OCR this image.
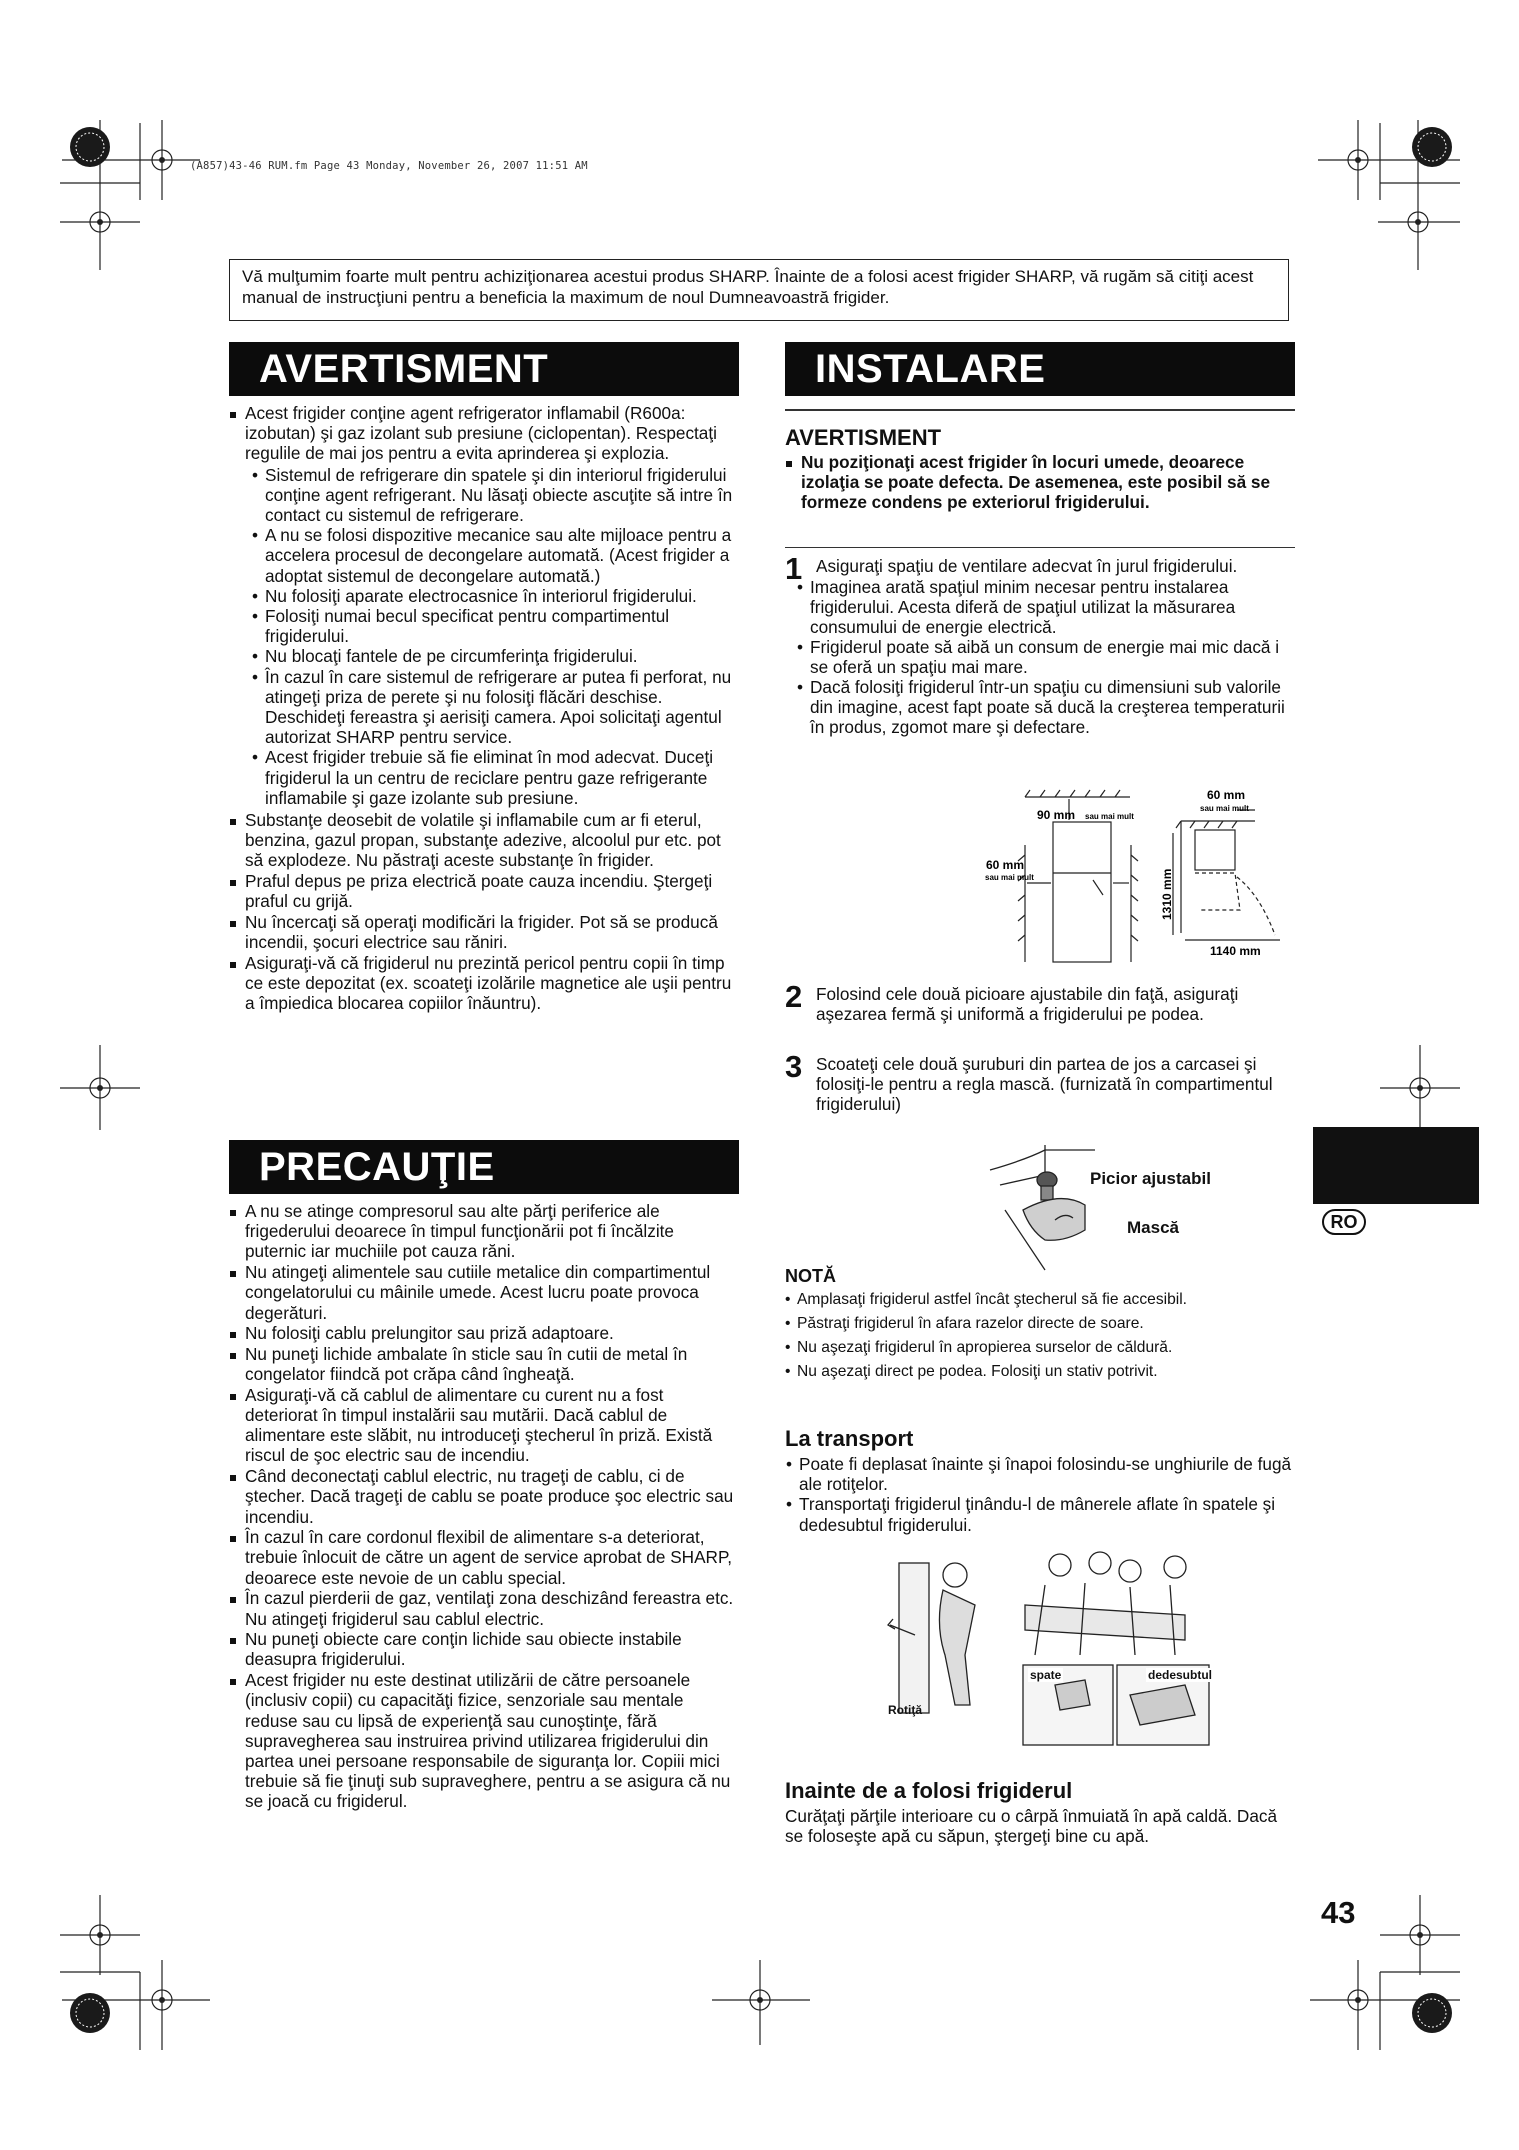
(A857)43-46 RUM.fm Page 43 Monday, November 26, 2007 11:51 AM
Vă mulţumim foarte mult pentru achiziţionarea acestui produs SHARP. Înainte de a folosi acest frigider SHARP, vă rugăm să citiţi acest manual de instrucţiuni pentru a beneficia la maximum de noul Dumneavoastră frigider.
AVERTISMENT
Acest frigider conţine agent refrigerator inflamabil (R600a: izobutan) şi gaz izolant sub presiune (ciclopentan). Respectaţi regulile de mai jos pentru a evita aprinderea şi explozia.
• Sistemul de refrigerare din spatele şi din interiorul frigiderului conţine agent refrigerant. Nu lăsaţi obiecte ascuţite să intre în contact cu sistemul de refrigerare.
• A nu se folosi dispozitive mecanice sau alte mijloace pentru a accelera procesul de decongelare automată. (Acest frigider a adoptat sistemul de decongelare automată.)
• Nu folosiţi aparate electrocasnice în interiorul frigiderului.
• Folosiţi numai becul specificat pentru compartimentul frigiderului.
• Nu blocaţi fantele de pe circumferinţa frigiderului.
• În cazul în care sistemul de refrigerare ar putea fi perforat, nu atingeţi priza de perete şi nu folosiţi flăcări deschise. Deschideţi fereastra şi aerisiţi camera. Apoi solicitaţi agentul autorizat SHARP pentru service.
• Acest frigider trebuie să fie eliminat în mod adecvat. Duceţi frigiderul la un centru de reciclare pentru gaze refrigerante inflamabile şi gaze izolante sub presiune.
Substanţe deosebit de volatile şi inflamabile cum ar fi eterul, benzina, gazul propan, substanţe adezive, alcoolul pur etc. pot să explodeze. Nu păstraţi aceste substanţe în frigider.
Praful depus pe priza electrică poate cauza incendiu. Ştergeţi praful cu grijă.
Nu încercaţi să operaţi modificări la frigider. Pot să se producă incendii, şocuri electrice sau răniri.
Asiguraţi-vă că frigiderul nu prezintă pericol pentru copii în timp ce este depozitat (ex. scoateţi izolările magnetice ale uşii pentru a împiedica blocarea copiilor înăuntru).
PRECAUŢIE
A nu se atinge compresorul sau alte părţi periferice ale frigederului deoarece în timpul funcţionării pot fi încălzite puternic iar muchiile pot cauza răni.
Nu atingeţi alimentele sau cutiile metalice din compartimentul congelatorului cu mâinile umede. Acest lucru poate provoca degerături.
Nu folosiţi cablu prelungitor sau priză adaptoare.
Nu puneţi lichide ambalate în sticle sau în cutii de metal în congelator fiindcă pot crăpa când îngheaţă.
Asiguraţi-vă că cablul de alimentare cu curent nu a fost deteriorat în timpul instalării sau mutării. Dacă cablul de alimentare este slăbit, nu introduceţi ştecherul în priză. Există riscul de şoc electric sau de incendiu.
Când deconectaţi cablul electric, nu trageţi de cablu, ci de ştecher. Dacă trageţi de cablu se poate produce şoc electric sau incendiu.
În cazul în care cordonul flexibil de alimentare s-a deteriorat, trebuie înlocuit de către un agent de service aprobat de SHARP, deoarece este nevoie de un cablu special.
În cazul pierderii de gaz, ventilaţi zona deschizând fereastra etc. Nu atingeţi frigiderul sau cablul electric.
Nu puneţi obiecte care conţin lichide sau obiecte instabile deasupra frigiderului.
Acest frigider nu este destinat utilizării de către persoanele (inclusiv copii) cu capacităţi fizice, senzoriale sau mentale reduse sau cu lipsă de experienţă sau cunoştinţe, fără supravegherea sau instruirea privind utilizarea frigiderului din partea unei persoane responsabile de siguranţa lor. Copiii mici trebuie să fie ţinuţi sub supraveghere, pentru a se asigura că nu se joacă cu frigiderul.
INSTALARE
AVERTISMENT
Nu poziţionaţi acest frigider în locuri umede, deoarece izolaţia se poate defecta. De asemenea, este posibil să se formeze condens pe exteriorul frigiderului.
1 Asiguraţi spaţiu de ventilare adecvat în jurul frigiderului.
• Imaginea arată spaţiul minim necesar pentru instalarea frigiderului. Acesta diferă de spaţiul utilizat la măsurarea consumului de energie electrică.
• Frigiderul poate să aibă un consum de energie mai mic dacă i se oferă un spaţiu mai mare.
• Dacă folosiţi frigiderul într-un spaţiu cu dimensiuni sub valorile din imagine, acest fapt poate să ducă la creşterea temperaturii în produs, zgomot mare şi defectare.
90 mm sau mai mult
60 mm
sau mai mult
60 mm
sau mai mult
1310 mm
1140 mm
2 Folosind cele două picioare ajustabile din faţă, asiguraţi aşezarea fermă şi uniformă a frigiderului pe podea.
3 Scoateţi cele două şuruburi din partea de jos a carcasei şi folosiţi-le pentru a regla mască. (furnizată în compartimentul frigiderului)
Picior ajustabil
Mască
NOTĂ
• Amplasaţi frigiderul astfel încât ştecherul să fie accesibil.
• Păstraţi frigiderul în afara razelor directe de soare.
• Nu aşezaţi frigiderul în apropierea surselor de căldură.
• Nu aşezaţi direct pe podea. Folosiţi un stativ potrivit.
La transport
• Poate fi deplasat înainte şi înapoi folosindu-se unghiurile de fugă ale rotiţelor.
• Transportaţi frigiderul ţinându-l de mânerele aflate în spatele şi dedesubtul frigiderului.
Rotiţă
spate	dedesubtul
Inainte de a folosi frigiderul
Curăţaţi părţile interioare cu o cârpă înmuiată în apă caldă. Dacă se foloseşte apă cu săpun, ştergeţi bine cu apă.
RO
43
